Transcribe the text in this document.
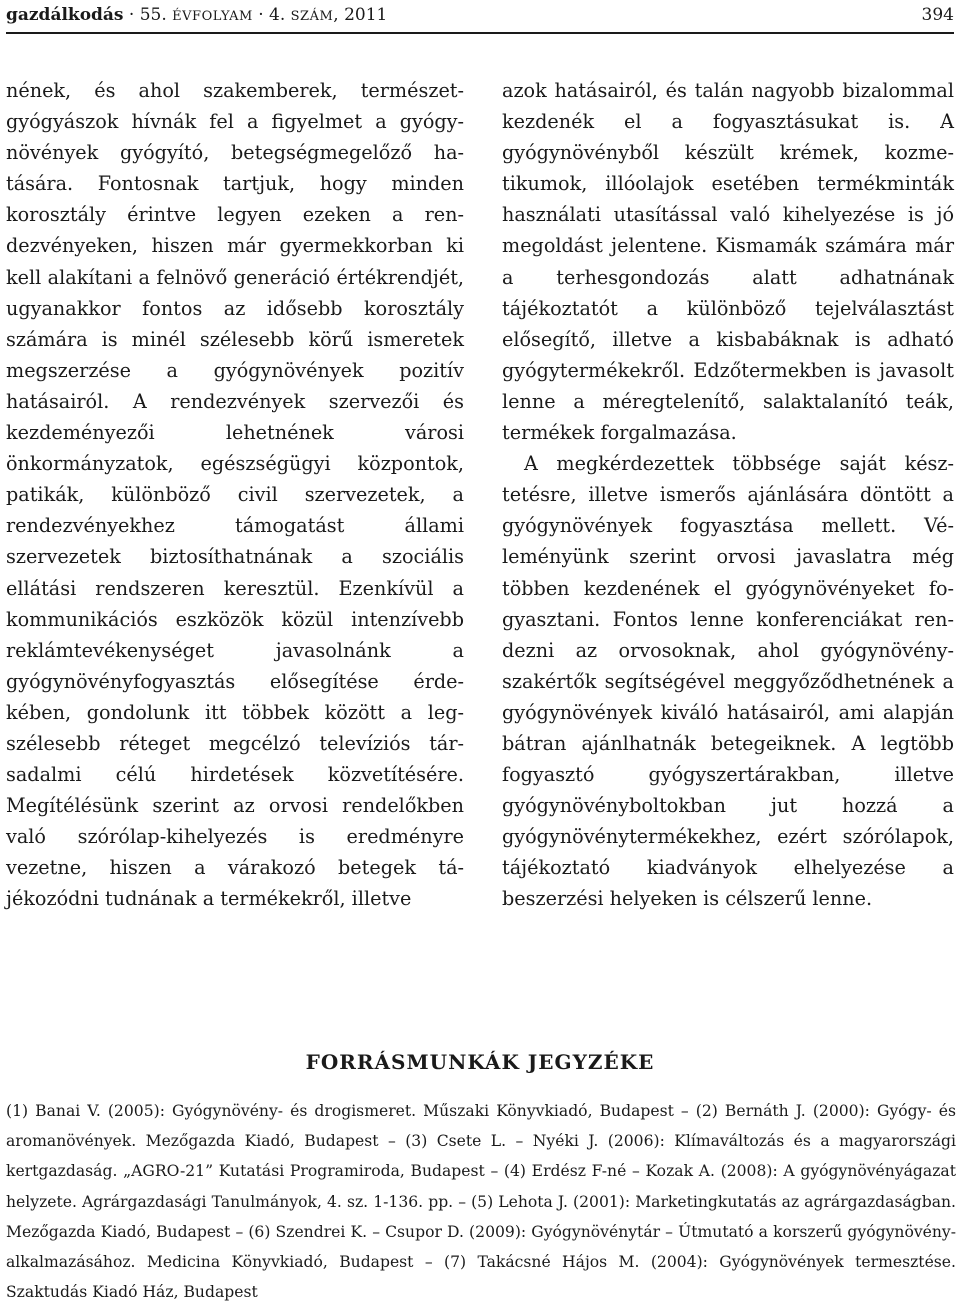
gazdálkodás · 55. ÉVFOLYAM · 4. SZÁM, 2011	394

nének, és ahol szakemberek, természetgyógyászok hívnák fel a figyelmet a gyógynövények gyógyító, betegségmegelőző hatására. Fontosnak tartjuk, hogy minden korosztály érintve legyen ezeken a rendezvényeken, hiszen már gyermekkorban ki kell alakítani a felnövő generáció értékrendjét, ugyanakkor fontos az idősebb korosztály számára is minél szélesebb körű ismeretek megszerzése a gyógynövények pozitív hatásairól. A rendezvények szervezői és kezdeményezői lehetnének városi önkormányzatok, egészségügyi központok, patikák, különböző civil szervezetek, a rendezvényekhez támogatást állami szervezetek biztosíthatnának a szociális ellátási rendszeren keresztül. Ezenkívül a kommunikációs eszközök közül intenzívebb reklámtevékenységet javasolnánk a gyógynövényfogyasztás elősegítése érdekében, gondolunk itt többek között a legszélesebb réteget megcélzó televíziós társadalmi célú hirdetések közvetítésére. Megítélésünk szerint az orvosi rendelőkben való szórólap-kihelyezés is eredményre vezetne, hiszen a várakozó betegek tájékozódni tudnának a termékekről, illetve

azok hatásairól, és talán nagyobb bizalommal kezdenék el a fogyasztásukat is. A gyógynövényből készült krémek, kozmetikumok, illóolajok esetében termékminták használati utasítással való kihelyezése is jó megoldást jelentene. Kismamák számára már a terhesgondozás alatt adhatnának tájékoztatót a különböző tejelválasztást elősegítő, illetve a kisbabáknak is adható gyógytermékekről. Edzőtermekben is javasolt lenne a méregtelenítő, salaktalanító teák, termékek forgalmazása.

A megkérdezettek többsége saját késztetésre, illetve ismerős ajánlására döntött a gyógynövények fogyasztása mellett. Véleményünk szerint orvosi javaslatra még többen kezdenének el gyógynövényeket fogyasztani. Fontos lenne konferenciákat rendezni az orvosoknak, ahol gyógynövényszakértők segítségével meggyőződhetnének a gyógynövények kiváló hatásairól, ami alapján bátran ajánlhatnák betegeiknek. A legtöbb fogyasztó gyógyszertárakban, illetve gyógynövényboltokban jut hozzá a gyógynövénytermékekhez, ezért szórólapok, tájékoztató kiadványok elhelyezése a beszerzési helyeken is célszerű lenne.

FORRÁSMUNKÁK JEGYZÉKE

(1) Banai V. (2005): Gyógynövény- és drogismeret. Műszaki Könyvkiadó, Budapest – (2) Bernáth J. (2000): Gyógy- és aromanövények. Mezőgazda Kiadó, Budapest – (3) Csete L. – Nyéki J. (2006): Klímaváltozás és a magyarországi kertgazdaság. „AGRO-21” Kutatási Programiroda, Budapest – (4) Erdész F-né – Kozak A. (2008): A gyógynövényágazat helyzete. Agrárgazdasági Tanulmányok, 4. sz. 1-136. pp. – (5) Lehota J. (2001): Marketingkutatás az agrárgazdaságban. Mezőgazda Kiadó, Budapest – (6) Szendrei K. – Csupor D. (2009): Gyógynövénytár – Útmutató a korszerű gyógynövény-alkalmazásához. Medicina Könyvkiadó, Budapest – (7) Takácsné Hájos M. (2004): Gyógynövények termesztése. Szaktudás Kiadó Ház, Budapest
